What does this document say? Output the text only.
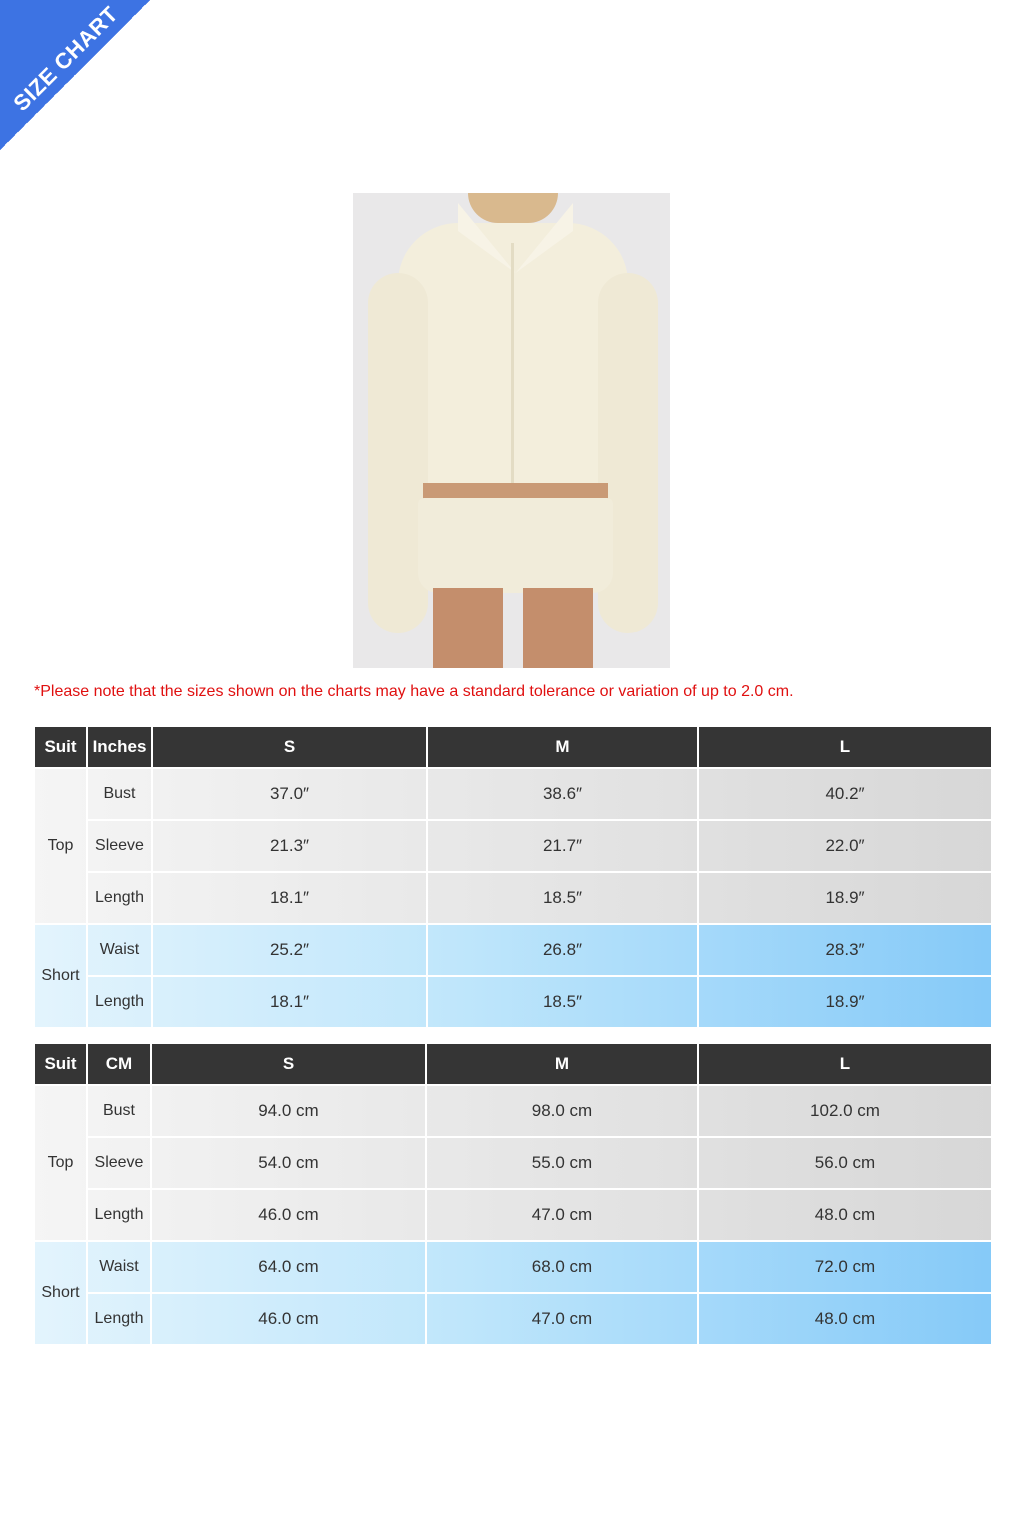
SIZE CHART
*Please note that the sizes shown on the charts may have a standard tolerance or variation of up to 2.0 cm.
Suit	Inches	S	M	L
Top	Bust	37.0″	38.6″	40.2″
	Sleeve	21.3″	21.7″	22.0″
	Length	18.1″	18.5″	18.9″
Short	Waist	25.2″	26.8″	28.3″
	Length	18.1″	18.5″	18.9″
Suit	CM	S	M	L
Top	Bust	94.0 cm	98.0 cm	102.0 cm
	Sleeve	54.0 cm	55.0 cm	56.0 cm
	Length	46.0 cm	47.0 cm	48.0 cm
Short	Waist	64.0 cm	68.0 cm	72.0 cm
	Length	46.0 cm	47.0 cm	48.0 cm
